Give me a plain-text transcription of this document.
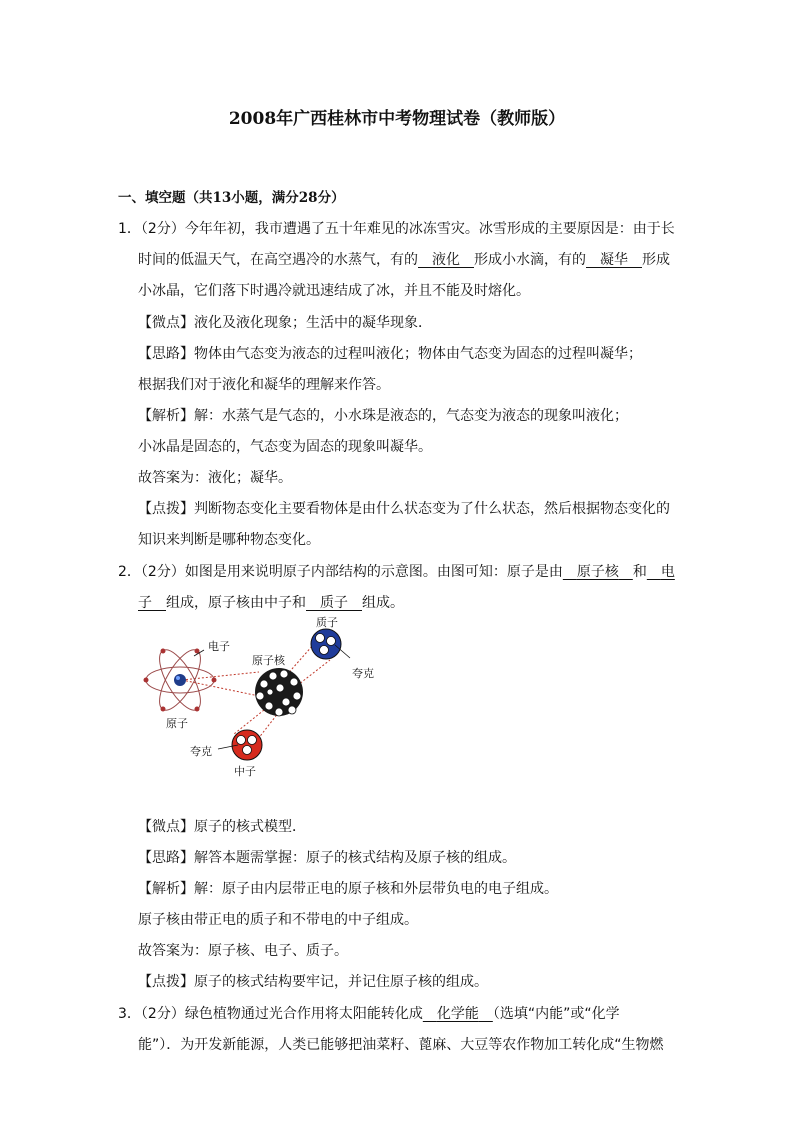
2008年广西桂林市中考物理试卷（教师版）
一、填空题（共13小题，满分28分）
1．（2分）今年年初，我市遭遇了五十年难见的冰冻雪灾。冰雪形成的主要原因是：由于长
时间的低温天气，在高空遇冷的水蒸气，有的　 液化　 形成小水滴，有的　 凝华　 形成
小冰晶，它们落下时遇冷就迅速结成了冰，并且不能及时熔化。
【微点】液化及液化现象；生活中的凝华现象．
【思路】物体由气态变为液态的过程叫液化；物体由气态变为固态的过程叫凝华；
根据我们对于液化和凝华的理解来作答。
【解析】解：水蒸气是气态的，小水珠是液态的，气态变为液态的现象叫液化；
小冰晶是固态的，气态变为固态的现象叫凝华。
故答案为：液化；凝华。
【点拨】判断物态变化主要看物体是由什么状态变为了什么状态，然后根据物态变化的
知识来判断是哪种物态变化。
2．（2分）如图是用来说明原子内部结构的示意图。由图可知：原子是由　 原子核　 和　 电
子　 组成，原子核由中子和　 质子　 组成。
电子
原子
原子核
质子
夸克
夸克
中子
【微点】原子的核式模型．
【思路】解答本题需掌握：原子的核式结构及原子核的组成。
【解析】解：原子由内层带正电的原子核和外层带负电的电子组成。
原子核由带正电的质子和不带电的中子组成。
故答案为：原子核、电子、质子。
【点拨】原子的核式结构要牢记，并记住原子核的组成。
3．（2分）绿色植物通过光合作用将太阳能转化成　 化学能　 （选填“内能”或“化学
能”）．为开发新能源，人类已能够把油菜籽、蓖麻、大豆等农作物加工转化成“生物燃
